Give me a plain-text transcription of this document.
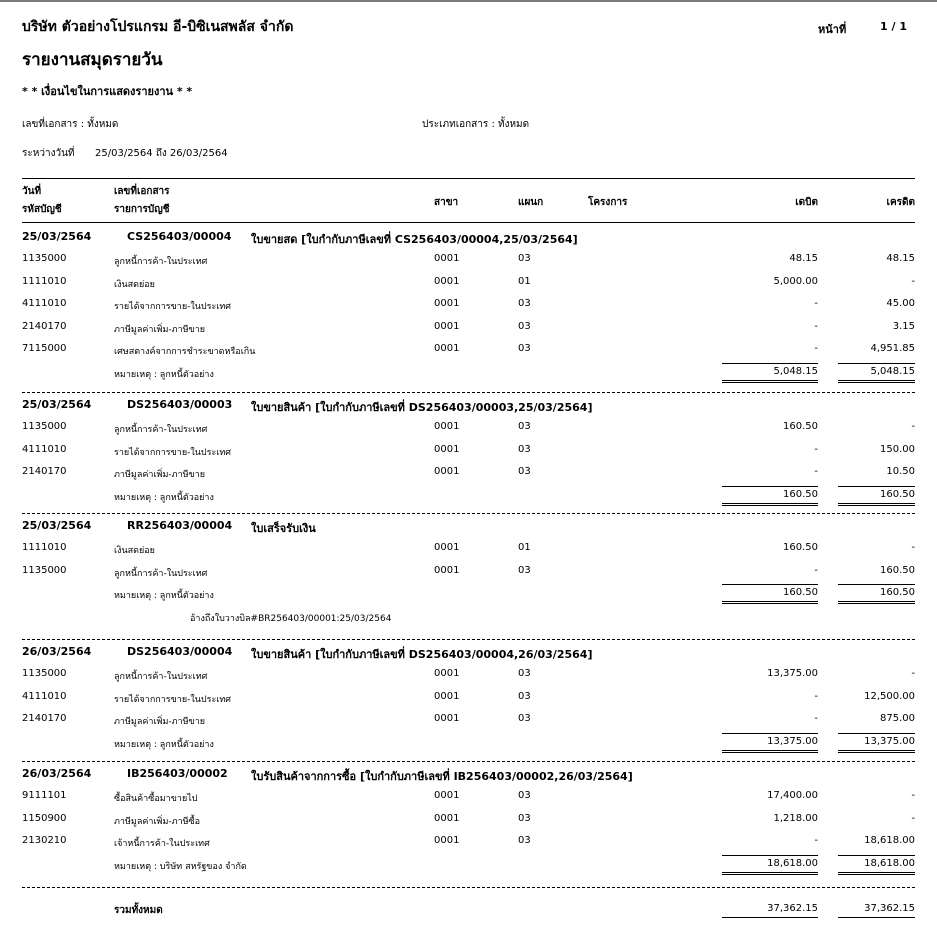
บริษัท ตัวอย่างโปรแกรม อี-บิซิเนสพลัส จำกัด	หน้าที่	1 / 1
รายงานสมุดรายวัน
* * เงื่อนไขในการแสดงรายงาน * *
เลขที่เอกสาร : ทั้งหมด	ประเภทเอกสาร : ทั้งหมด
ระหว่างวันที่ 25/03/2564 ถึง 26/03/2564
วันที่
รหัสบัญชี
เลขที่เอกสาร
รายการบัญชี
สาขา	แผนก	โครงการ	เดบิต	เครดิต
25/03/2564	CS256403/00004 ใบขายสด [ใบกำกับภาษีเลขที่ CS256403/00004,25/03/2564]
1135000	ลูกหนี้การค้า-ในประเทศ	0001	03	48.15	48.15
1111010	เงินสดย่อย	0001	01	5,000.00	-
4111010	รายได้จากการขาย-ในประเทศ	0001	03	-	45.00
2140170	ภาษีมูลค่าเพิ่ม-ภาษีขาย	0001	03	-	3.15
7115000	เศษสตางค์จากการชำระขาดหรือเกิน	0001	03	-	4,951.85
หมายเหตุ : ลูกหนี้ตัวอย่าง	5,048.15	5,048.15
25/03/2564	DS256403/00003 ใบขายสินค้า [ใบกำกับภาษีเลขที่ DS256403/00003,25/03/2564]
1135000	ลูกหนี้การค้า-ในประเทศ	0001	03	160.50	-
4111010	รายได้จากการขาย-ในประเทศ	0001	03	-	150.00
2140170	ภาษีมูลค่าเพิ่ม-ภาษีขาย	0001	03	-	10.50
หมายเหตุ : ลูกหนี้ตัวอย่าง	160.50	160.50
25/03/2564	RR256403/00004 ใบเสร็จรับเงิน
1111010	เงินสดย่อย	0001	01	160.50	-
1135000	ลูกหนี้การค้า-ในประเทศ	0001	03	-	160.50
หมายเหตุ : ลูกหนี้ตัวอย่าง	160.50	160.50
อ้างถึงใบวางบิล#BR256403/00001:25/03/2564
26/03/2564	DS256403/00004 ใบขายสินค้า [ใบกำกับภาษีเลขที่ DS256403/00004,26/03/2564]
1135000	ลูกหนี้การค้า-ในประเทศ	0001	03	13,375.00	-
4111010	รายได้จากการขาย-ในประเทศ	0001	03	-	12,500.00
2140170	ภาษีมูลค่าเพิ่ม-ภาษีขาย	0001	03	-	875.00
หมายเหตุ : ลูกหนี้ตัวอย่าง	13,375.00	13,375.00
26/03/2564	IB256403/00002 ใบรับสินค้าจากการซื้อ [ใบกำกับภาษีเลขที่ IB256403/00002,26/03/2564]
9111101	ซื้อสินค้าซื้อมาขายไป	0001	03	17,400.00	-
1150900	ภาษีมูลค่าเพิ่ม-ภาษีซื้อ	0001	03	1,218.00	-
2130210	เจ้าหนี้การค้า-ในประเทศ	0001	03	-	18,618.00
หมายเหตุ : บริษัท สหรัฐของ จำกัด	18,618.00	18,618.00
รวมทั้งหมด	37,362.15	37,362.15
